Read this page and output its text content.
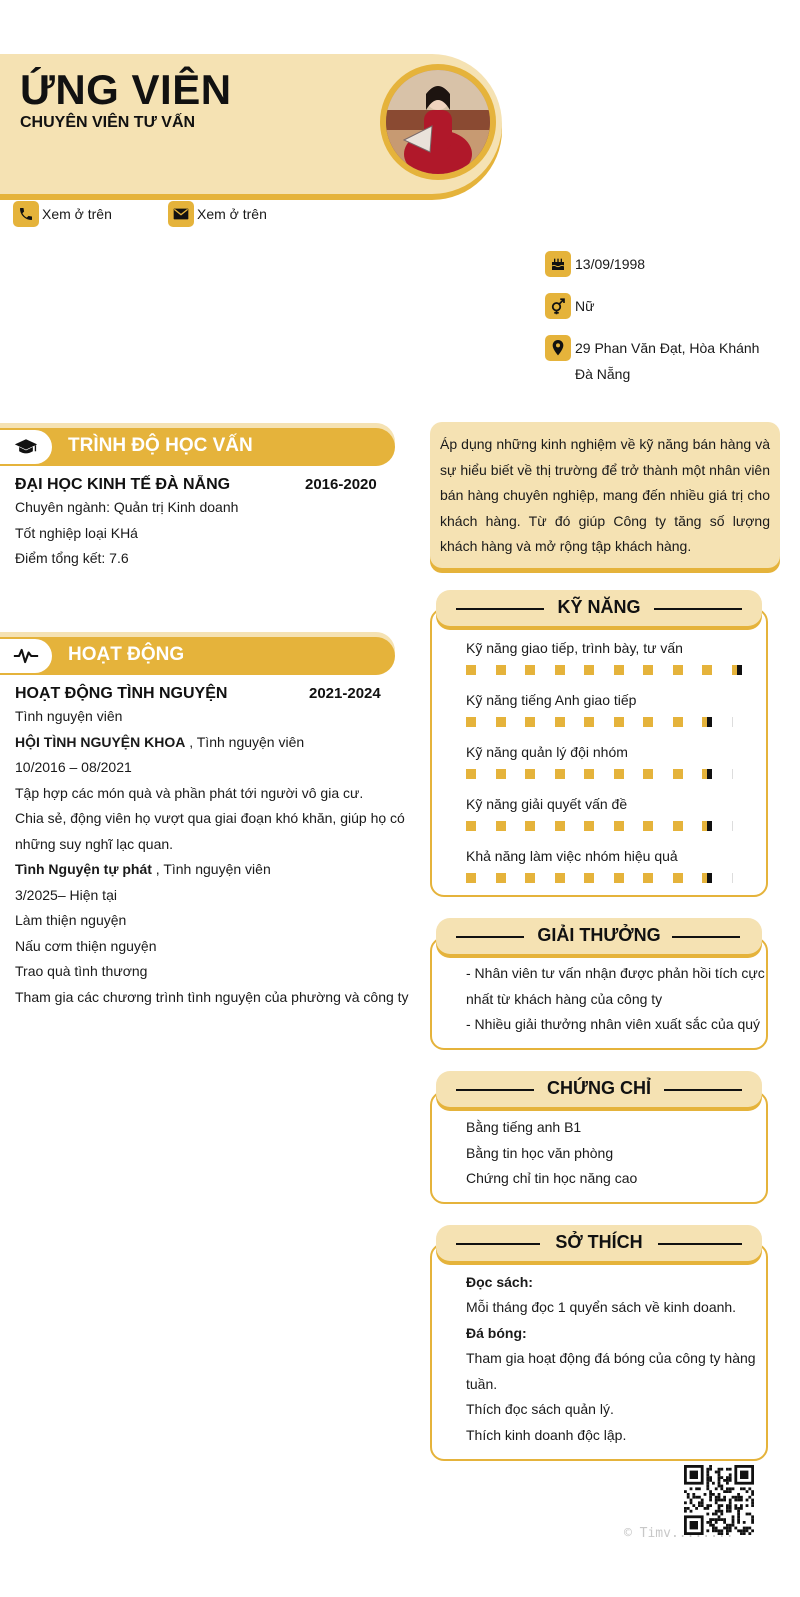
ỨNG VIÊN
CHUYÊN VIÊN TƯ VẤN
Xem ở trên	Xem ở trên
13/09/1998
Nữ
29 Phan Văn Đạt, Hòa Khánh
Đà Nẵng
TRÌNH ĐỘ HỌC VẤN
ĐẠI HỌC KINH TẾ ĐÀ NẴNG	2016-2020
Chuyên ngành: Quản trị Kinh doanh
Tốt nghiệp loại KHá
Điểm tổng kết: 7.6
HOẠT ĐỘNG
HOẠT ĐỘNG TÌNH NGUYỆN	2021-2024
Tình nguyện viên
HỘI TÌNH NGUYỆN KHOA , Tình nguyện viên
10/2016 – 08/2021
Tập hợp các món quà và phần phát tới người vô gia cư.
Chia sẻ, động viên họ vượt qua giai đoạn khó khăn, giúp họ có
những suy nghĩ lạc quan.
Tình Nguyện tự phát , Tình nguyện viên
3/2025– Hiện tại
Làm thiện nguyện
Nấu cơm thiện nguyện
Trao quà tình thương
Tham gia các chương trình tình nguyện của phường và công ty
Áp dụng những kinh nghiệm về kỹ năng bán hàng và sự hiểu biết về thị trường để trở thành một nhân viên bán hàng chuyên nghiệp, mang đến nhiều giá trị cho khách hàng. Từ đó giúp Công ty tăng số lượng khách hàng và mở rộng tập khách hàng.
KỸ NĂNG
Kỹ năng giao tiếp, trình bày, tư vấn
Kỹ năng tiếng Anh giao tiếp
Kỹ năng quản lý đội nhóm
Kỹ năng giải quyết vấn đề
Khả năng làm việc nhóm hiệu quả
GIẢI THƯỞNG
- Nhân viên tư vấn nhận được phản hồi tích cực
nhất từ khách hàng của công ty
- Nhiều giải thưởng nhân viên xuất sắc của quý
CHỨNG CHỈ
Bằng tiếng anh B1
Bằng tin học văn phòng
Chứng chỉ tin học năng cao
SỞ THÍCH
Đọc sách:
Mỗi tháng đọc 1 quyển sách về kinh doanh.
Đá bóng:
Tham gia hoạt động đá bóng của công ty hàng
tuần.
Thích đọc sách quản lý.
Thích kinh doanh độc lập.
© Timv........
